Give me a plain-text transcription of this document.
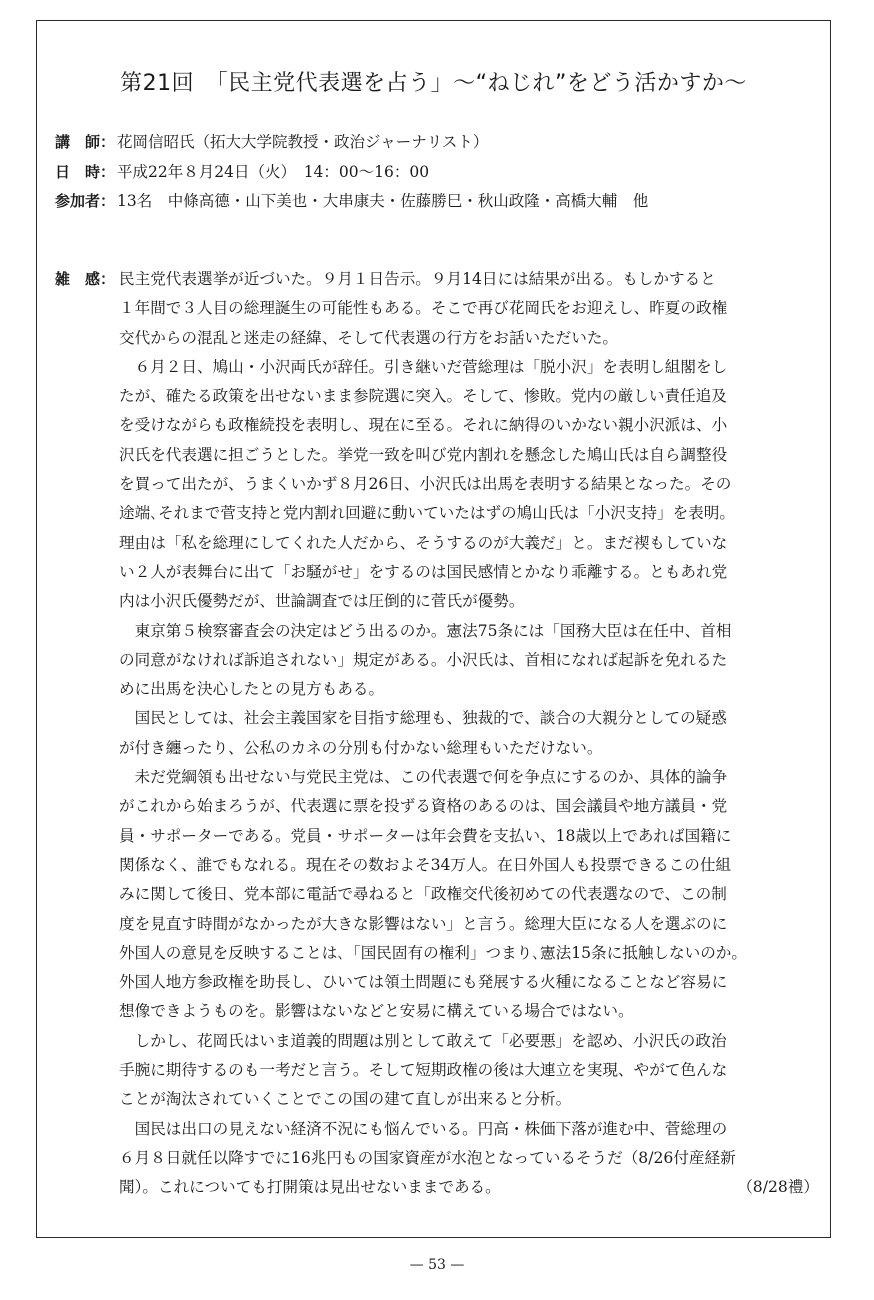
第21回　「民主党代表選を占う」〜“ねじれ”をどう活かすか〜
講　師： 花岡信昭氏（拓大大学院教授・政治ジャーナリスト）
日　時： 平成22年８月24日（火）　14：00〜16：00
参加者： 13名　中條高德・山下美也・大串康夫・佐藤勝巳・秋山政隆・高橋大輔　他
雑　感： 民主党代表選挙が近づいた。９月１日告示。９月14日には結果が出る。もしかすると
１年間で３人目の総理誕生の可能性もある。そこで再び花岡氏をお迎えし、昨夏の政権
交代からの混乱と迷走の経緯、そして代表選の行方をお話いただいた。
　６月２日、鳩山・小沢両氏が辞任。引き継いだ菅総理は「脱小沢」を表明し組閣をし
たが、確たる政策を出せないまま参院選に突入。そして、惨敗。党内の厳しい責任追及
を受けながらも政権続投を表明し、現在に至る。それに納得のいかない親小沢派は、小
沢氏を代表選に担ごうとした。挙党一致を叫び党内割れを懸念した鳩山氏は自ら調整役
を買って出たが、うまくいかず８月26日、小沢氏は出馬を表明する結果となった。その
途端､それまで菅支持と党内割れ回避に動いていたはずの鳩山氏は「小沢支持」を表明。
理由は「私を総理にしてくれた人だから、そうするのが大義だ」と。まだ禊もしていな
い２人が表舞台に出て「お騒がせ」をするのは国民感情とかなり乖離する。ともあれ党
内は小沢氏優勢だが、世論調査では圧倒的に菅氏が優勢。
　東京第５検察審査会の決定はどう出るのか。憲法75条には「国務大臣は在任中、首相
の同意がなければ訴追されない」規定がある。小沢氏は、首相になれば起訴を免れるた
めに出馬を決心したとの見方もある。
　国民としては、社会主義国家を目指す総理も、独裁的で、談合の大親分としての疑惑
が付き纏ったり、公私のカネの分別も付かない総理もいただけない。
　未だ党綱領も出せない与党民主党は、この代表選で何を争点にするのか、具体的論争
がこれから始まろうが、代表選に票を投ずる資格のあるのは、国会議員や地方議員・党
員・サポーターである。党員・サポーターは年会費を支払い、18歳以上であれば国籍に
関係なく、誰でもなれる。現在その数およそ34万人。在日外国人も投票できるこの仕組
みに関して後日、党本部に電話で尋ねると「政権交代後初めての代表選なので、この制
度を見直す時間がなかったが大きな影響はない」と言う。総理大臣になる人を選ぶのに
外国人の意見を反映することは､「国民固有の権利」つまり､憲法15条に抵触しないのか。
外国人地方参政権を助長し、ひいては領土問題にも発展する火種になることなど容易に
想像できようものを。影響はないなどと安易に構えている場合ではない。
　しかし、花岡氏はいま道義的問題は別として敢えて「必要悪」を認め、小沢氏の政治
手腕に期待するのも一考だと言う。そして短期政権の後は大連立を実現、やがて色んな
ことが淘汰されていくことでこの国の建て直しが出来ると分析。
　国民は出口の見えない経済不況にも悩んでいる。円高・株価下落が進む中、菅総理の
６月８日就任以降すでに16兆円もの国家資産が水泡となっているそうだ（8/26付産経新
聞）。これについても打開策は見出せないままである。	（8/28禮）
— 53 —
